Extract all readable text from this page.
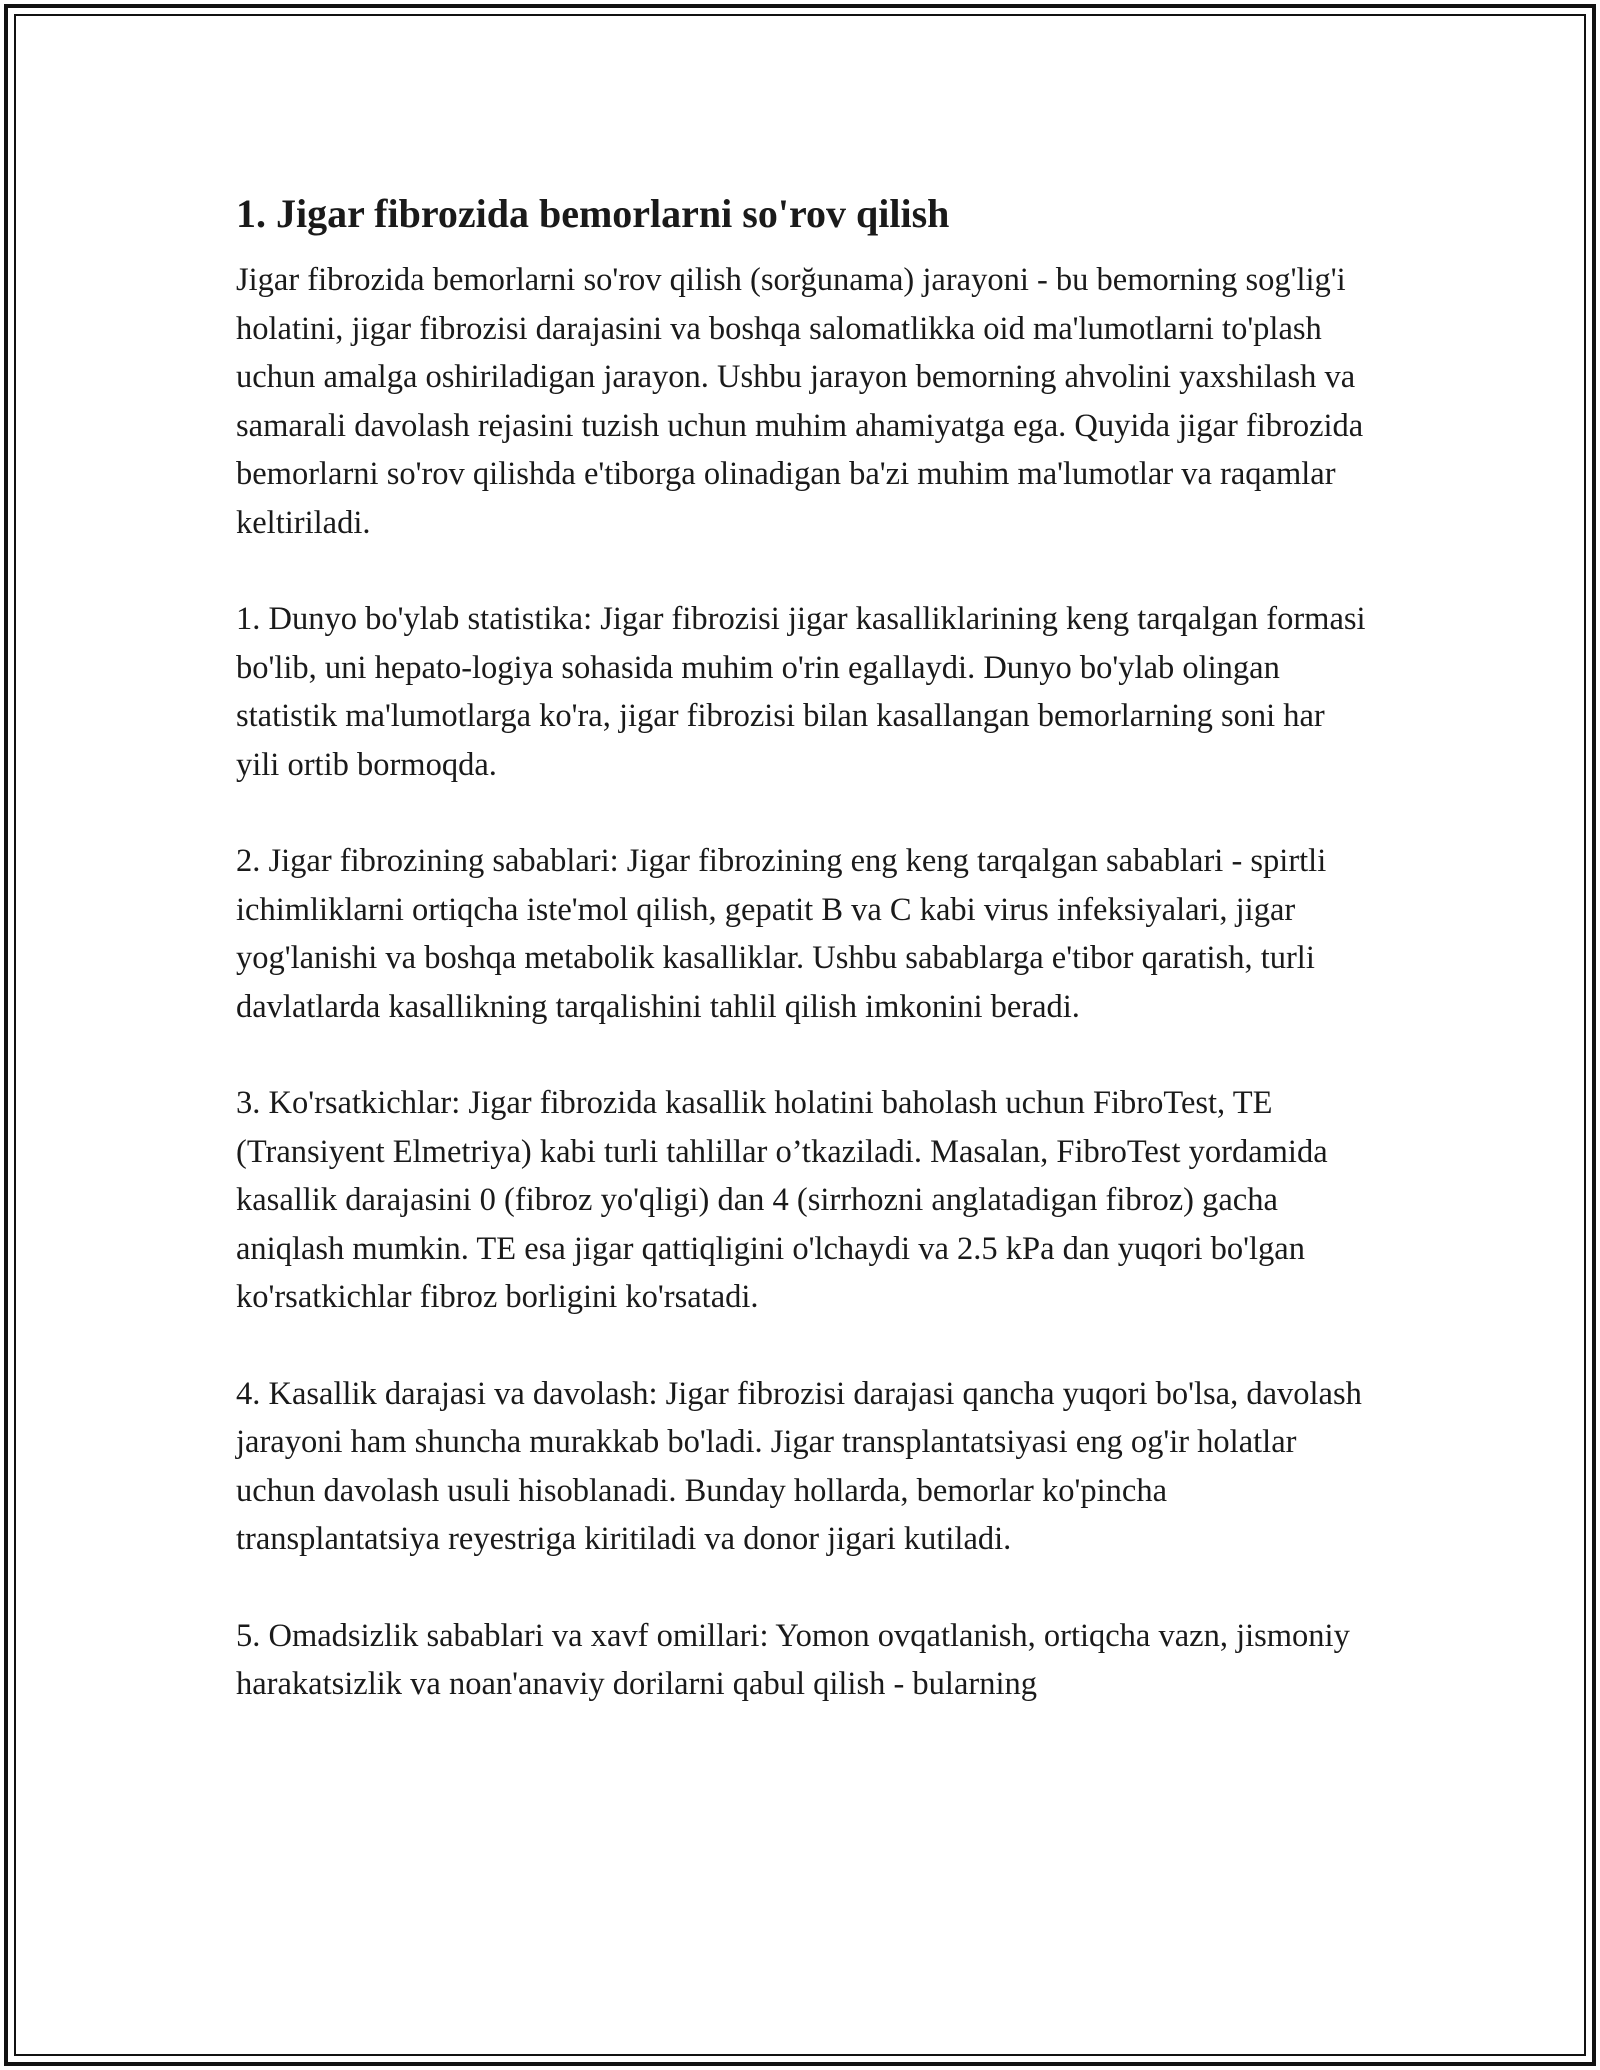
1. Jigar fibrozida bemorlarni so'rov qilish

Jigar fibrozida bemorlarni so'rov qilish (sorğunama) jarayoni - bu bemorning sog'lig'i holatini, jigar fibrozisi darajasini va boshqa salomatlikka oid ma'lumotlarni to'plash uchun amalga oshiriladigan jarayon. Ushbu jarayon bemorning ahvolini yaxshilash va samarali davolash rejasini tuzish uchun muhim ahamiyatga ega. Quyida jigar fibrozida bemorlarni so'rov qilishda e'tiborga olinadigan ba'zi muhim ma'lumotlar va raqamlar keltiriladi.

1. Dunyo bo'ylab statistika: Jigar fibrozisi jigar kasalliklarining keng tarqalgan formasi bo'lib, uni hepato-logiya sohasida muhim o'rin egallaydi. Dunyo bo'ylab olingan statistik ma'lumotlarga ko'ra, jigar fibrozisi bilan kasallangan bemorlarning soni har yili ortib bormoqda.

2. Jigar fibrozining sabablari: Jigar fibrozining eng keng tarqalgan sabablari - spirtli ichimliklarni ortiqcha iste'mol qilish, gepatit B va C kabi virus infeksiyalari, jigar yog'lanishi va boshqa metabolik kasalliklar. Ushbu sabablarga e'tibor qaratish, turli davlatlarda kasallikning tarqalishini tahlil qilish imkonini beradi.

3. Ko'rsatkichlar: Jigar fibrozida kasallik holatini baholash uchun FibroTest, TE (Transiyent Elmetriya) kabi turli tahlillar o’tkaziladi. Masalan, FibroTest yordamida kasallik darajasini 0 (fibroz yo'qligi) dan 4 (sirrhozni anglatadigan fibroz) gacha aniqlash mumkin. TE esa jigar qattiqligini o'lchaydi va 2.5 kPa dan yuqori bo'lgan ko'rsatkichlar fibroz borligini ko'rsatadi.

4. Kasallik darajasi va davolash: Jigar fibrozisi darajasi qancha yuqori bo'lsa, davolash jarayoni ham shuncha murakkab bo'ladi. Jigar transplantatsiyasi eng og'ir holatlar uchun davolash usuli hisoblanadi. Bunday hollarda, bemorlar ko'pincha transplantatsiya reyestriga kiritiladi va donor jigari kutiladi.

5. Omadsizlik sabablari va xavf omillari: Yomon ovqatlanish, ortiqcha vazn, jismoniy harakatsizlik va noan'anaviy dorilarni qabul qilish - bularning
